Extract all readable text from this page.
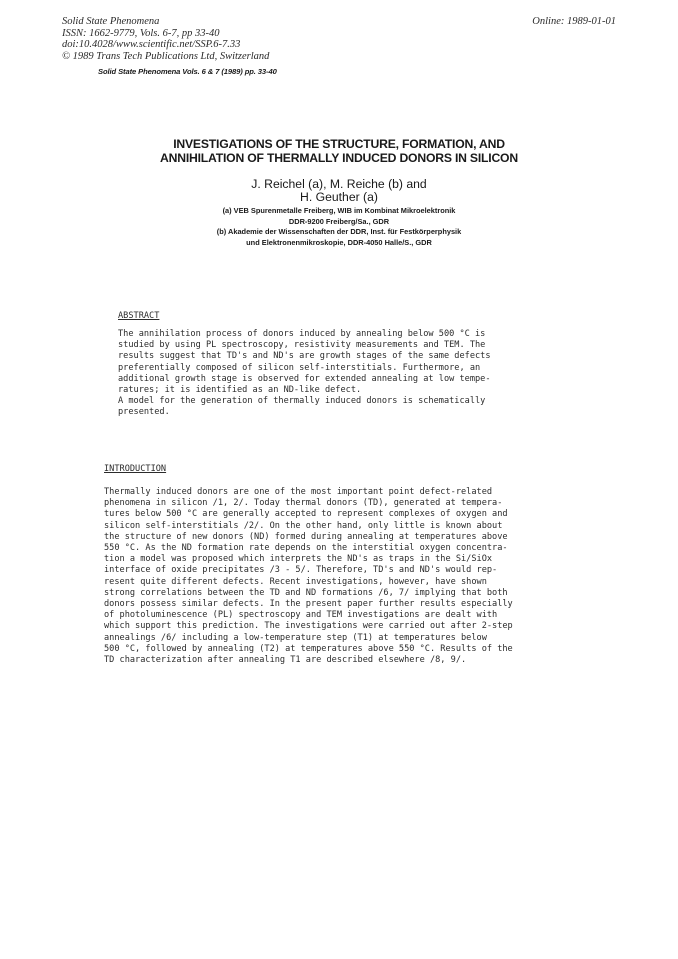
Solid State Phenomena
ISSN: 1662-9779, Vols. 6-7, pp 33-40
doi:10.4028/www.scientific.net/SSP.6-7.33
© 1989 Trans Tech Publications Ltd, Switzerland
Online: 1989-01-01
Solid State Phenomena Vols. 6 & 7 (1989) pp. 33-40
INVESTIGATIONS OF THE STRUCTURE, FORMATION, AND
ANNIHILATION OF THERMALLY INDUCED DONORS IN SILICON
J. Reichel (a), M. Reiche (b) and
H. Geuther (a)
(a) VEB Spurenmetalle Freiberg, WIB im Kombinat Mikroelektronik
DDR-9200 Freiberg/Sa., GDR
(b) Akademie der Wissenschaften der DDR, Inst. für Festkörperphysik
und Elektronenmikroskopie, DDR-4050 Halle/S., GDR
ABSTRACT
The annihilation process of donors induced by annealing below 500 °C is
studied by using PL spectroscopy, resistivity measurements and TEM. The
results suggest that TD's and ND's are growth stages of the same defects
preferentially composed of silicon self-interstitials. Furthermore, an
additional growth stage is observed for extended annealing at low tempe-
ratures; it is identified as an ND-like defect.
A model for the generation of thermally induced donors is schematically
presented.
INTRODUCTION
Thermally induced donors are one of the most important point defect-related
phenomena in silicon /1, 2/. Today thermal donors (TD), generated at tempera-
tures below 500 °C are generally accepted to represent complexes of oxygen and
silicon self-interstitials /2/. On the other hand, only little is known about
the structure of new donors (ND) formed during annealing at temperatures above
550 °C. As the ND formation rate depends on the interstitial oxygen concentra-
tion a model was proposed which interprets the ND's as traps in the Si/SiOx
interface of oxide precipitates /3 - 5/. Therefore, TD's and ND's would rep-
resent quite different defects. Recent investigations, however, have shown
strong correlations between the TD and ND formations /6, 7/ implying that both
donors possess similar defects. In the present paper further results especially
of photoluminescence (PL) spectroscopy and TEM investigations are dealt with
which support this prediction. The investigations were carried out after 2-step
annealings /6/ including a low-temperature step (T1) at temperatures below
500 °C, followed by annealing (T2) at temperatures above 550 °C. Results of the
TD characterization after annealing T1 are described elsewhere /8, 9/.
